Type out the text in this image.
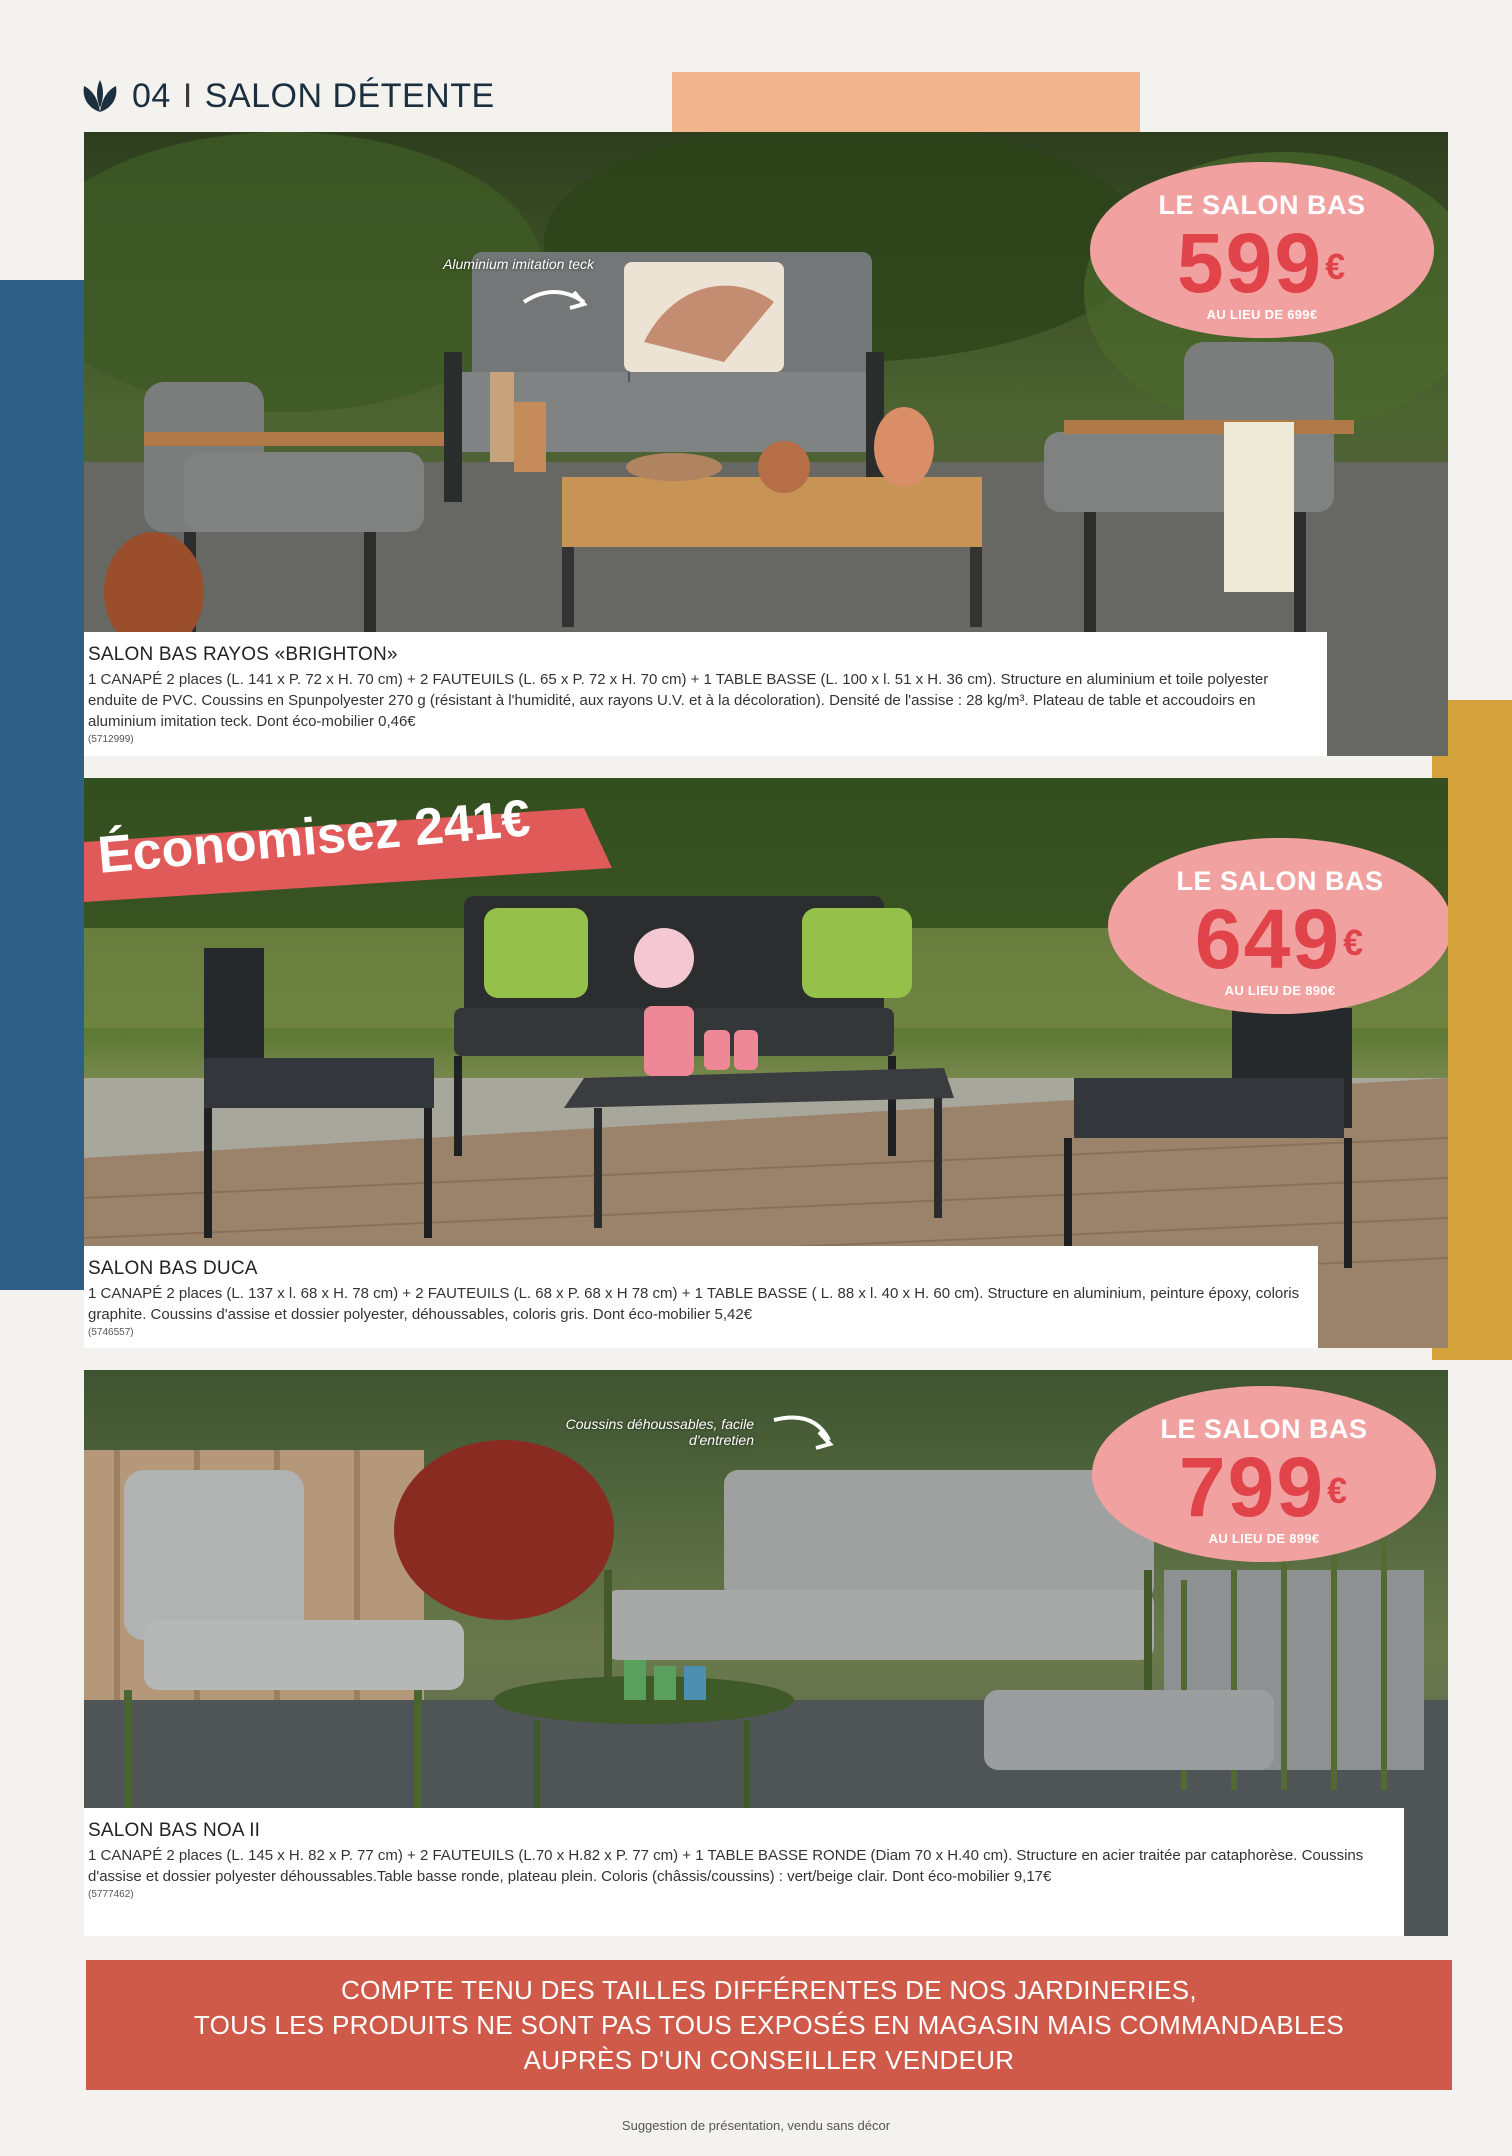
04 I SALON DÉTENTE
Aluminium imitation teck
LE SALON BAS
599€
AU LIEU DE 699€
SALON BAS RAYOS «BRIGHTON»
1 CANAPÉ 2 places (L. 141 x P. 72 x H. 70 cm) + 2 FAUTEUILS (L. 65 x P. 72 x H. 70 cm) + 1 TABLE BASSE (L. 100 x l. 51 x H. 36 cm). Structure en aluminium et toile polyester enduite de PVC. Coussins en Spunpolyester 270 g (résistant à l'humidité, aux rayons U.V. et à la décoloration). Densité de l'assise : 28 kg/m³. Plateau de table et accoudoirs en aluminium imitation teck. Dont éco-mobilier 0,46€
(5712999)
Économisez 241€	LE SALON BAS
649€
AU LIEU DE 890€
SALON BAS DUCA
1 CANAPÉ 2 places (L. 137 x l. 68 x H. 78 cm) + 2 FAUTEUILS (L. 68 x P. 68 x H 78 cm) + 1 TABLE BASSE ( L. 88 x l. 40 x H. 60 cm). Structure en aluminium, peinture époxy, coloris graphite. Coussins d'assise et dossier polyester, déhoussables, coloris gris. Dont éco-mobilier 5,42€
(5746557)
Coussins déhoussables, facile d'entretien	LE SALON BAS
799€
AU LIEU DE 899€
SALON BAS NOA II
1 CANAPÉ 2 places (L. 145 x H. 82 x P. 77 cm) + 2 FAUTEUILS (L.70 x H.82 x P. 77 cm) + 1 TABLE BASSE RONDE (Diam 70 x H.40 cm). Structure en acier traitée par cataphorèse. Coussins d'assise et dossier polyester déhoussables.Table basse ronde, plateau plein. Coloris (châssis/coussins) : vert/beige clair. Dont éco-mobilier 9,17€
(5777462)
COMPTE TENU DES TAILLES DIFFÉRENTES DE NOS JARDINERIES,
TOUS LES PRODUITS NE SONT PAS TOUS EXPOSÉS EN MAGASIN MAIS COMMANDABLES
AUPRÈS D'UN CONSEILLER VENDEUR
Suggestion de présentation, vendu sans décor
